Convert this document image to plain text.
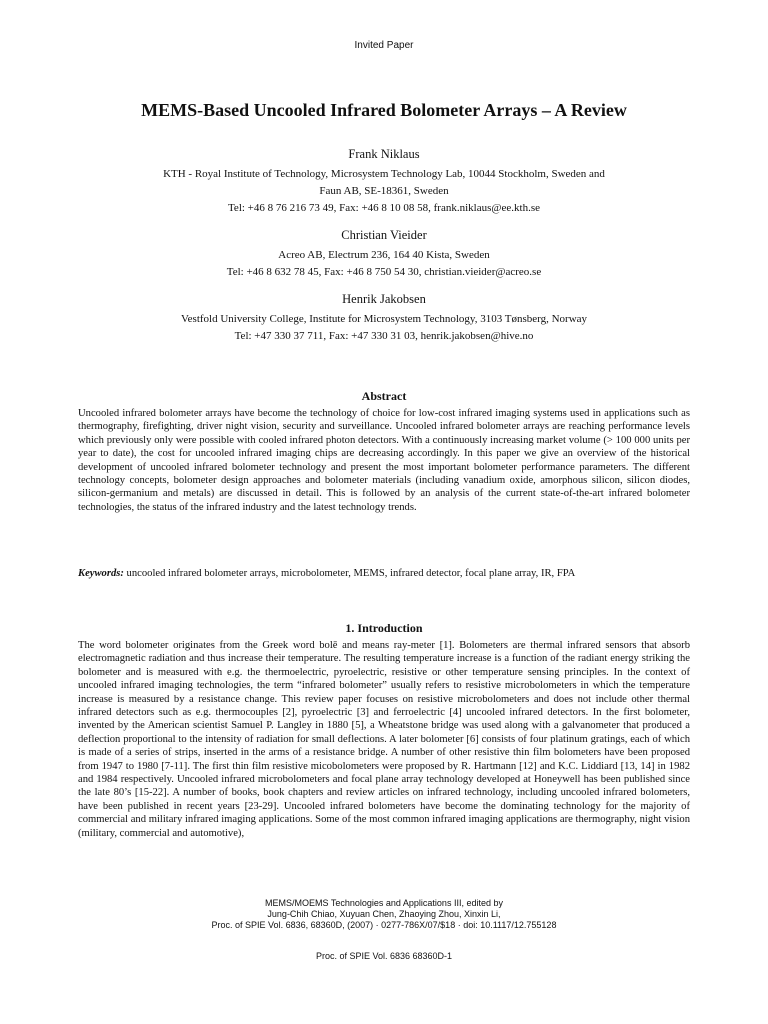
Invited Paper
MEMS-Based Uncooled Infrared Bolometer Arrays – A Review
Frank Niklaus
KTH - Royal Institute of Technology, Microsystem Technology Lab, 10044 Stockholm, Sweden and
Faun AB, SE-18361, Sweden
Tel: +46 8 76 216 73 49, Fax: +46 8 10 08 58, frank.niklaus@ee.kth.se
Christian Vieider
Acreo AB, Electrum 236, 164 40 Kista, Sweden
Tel: +46 8 632 78 45, Fax: +46 8 750 54 30, christian.vieider@acreo.se
Henrik Jakobsen
Vestfold University College, Institute for Microsystem Technology, 3103 Tønsberg, Norway
Tel: +47 330 37 711, Fax: +47 330 31 03, henrik.jakobsen@hive.no
Abstract

Uncooled infrared bolometer arrays have become the technology of choice for low-cost infrared imaging systems used in applications such as thermography, firefighting, driver night vision, security and surveillance. Uncooled infrared bolometer arrays are reaching performance levels which previously only were possible with cooled infrared photon detectors. With a continuously increasing market volume (> 100 000 units per year to date), the cost for uncooled infrared imaging chips are decreasing accordingly. In this paper we give an overview of the historical development of uncooled infrared bolometer technology and present the most important bolometer performance parameters. The different technology concepts, bolometer design approaches and bolometer materials (including vanadium oxide, amorphous silicon, silicon diodes, silicon-germanium and metals) are discussed in detail. This is followed by an analysis of the current state-of-the-art infrared bolometer technologies, the status of the infrared industry and the latest technology trends.

Keywords: uncooled infrared bolometer arrays, microbolometer, MEMS, infrared detector, focal plane array, IR, FPA

1. Introduction

The word bolometer originates from the Greek word bolē and means ray-meter [1]. Bolometers are thermal infrared sensors that absorb electromagnetic radiation and thus increase their temperature. The resulting temperature increase is a function of the radiant energy striking the bolometer and is measured with e.g. the thermoelectric, pyroelectric, resistive or other temperature sensing principles. In the context of uncooled infrared imaging technologies, the term “infrared bolometer” usually refers to resistive microbolometers in which the temperature increase is measured by a resistance change. This review paper focuses on resistive microbolometers and does not include other thermal infrared detectors such as e.g. thermocouples [2], pyroelectric [3] and ferroelectric [4] uncooled infrared detectors. In the first bolometer, invented by the American scientist Samuel P. Langley in 1880 [5], a Wheatstone bridge was used along with a galvanometer that produced a deflection proportional to the intensity of radiation for small deflections. A later bolometer [6] consists of four platinum gratings, each of which is made of a series of strips, inserted in the arms of a resistance bridge. A number of other resistive thin film bolometers have been proposed from 1947 to 1980 [7-11]. The first thin film resistive micobolometers were proposed by R. Hartmann [12] and K.C. Liddiard [13, 14] in 1982 and 1984 respectively. Uncooled infrared microbolometers and focal plane array technology developed at Honeywell has been published since the late 80’s [15-22]. A number of books, book chapters and review articles on infrared technology, including uncooled infrared bolometers, have been published in recent years [23-29]. Uncooled infrared bolometers have become the dominating technology for the majority of commercial and military infrared imaging applications. Some of the most common infrared imaging applications are thermography, night vision (military, commercial and automotive),

MEMS/MOEMS Technologies and Applications III, edited by
Jung-Chih Chiao, Xuyuan Chen, Zhaoying Zhou, Xinxin Li,
Proc. of SPIE Vol. 6836, 68360D, (2007) · 0277-786X/07/$18 · doi: 10.1117/12.755128
Proc. of SPIE Vol. 6836 68360D-1
